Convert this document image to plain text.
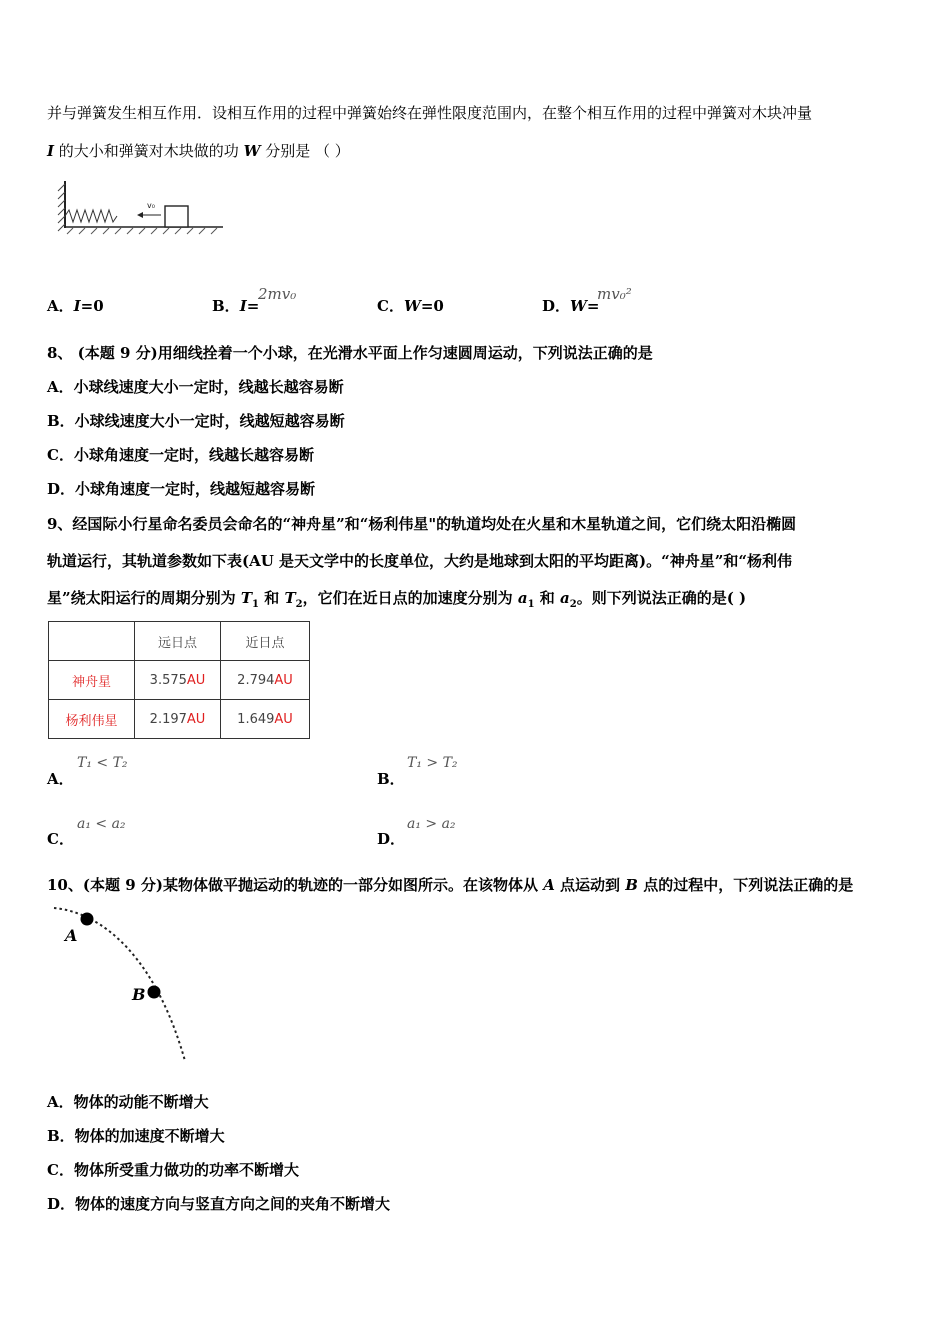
并与弹簧发生相互作用．设相互作用的过程中弹簧始终在弹性限度范围内，在整个相互作用的过程中弹簧对木块冲量
I 的大小和弹簧对木块做的功 W 分别是 （ ）
v₀
A．I=0	B．I=
2mv₀
C．W=0	D．W=
mv₀²
8、 (本题 9 分)用细线拴着一个小球，在光滑水平面上作匀速圆周运动，下列说法正确的是
A．小球线速度大小一定时，线越长越容易断
B．小球线速度大小一定时，线越短越容易断
C．小球角速度一定时，线越长越容易断
D．小球角速度一定时，线越短越容易断
9、经国际小行星命名委员会命名的“神舟星”和“杨利伟星"的轨道均处在火星和木星轨道之间，它们绕太阳沿椭圆
轨道运行，其轨道参数如下表(AU 是天文学中的长度单位，大约是地球到太阳的平均距离)。“神舟星”和“杨利伟
星”绕太阳运行的周期分别为 $T_1$ 和 $T_2$，它们在近日点的加速度分别为 $a_1$ 和 $a_2$。则下列说法正确的是( )
	远日点	近日点
神舟星	3.575AU	2.794AU
杨利伟星	2.197AU	1.649AU
A．
T₁ < T₂
B．
T₁ > T₂
C．
a₁ < a₂
D．
a₁ > a₂
10、(本题 9 分)某物体做平抛运动的轨迹的一部分如图所示。在该物体从 A 点运动到 B 点的过程中，下列说法正确的是
A
B
A．物体的动能不断增大
B．物体的加速度不断增大
C．物体所受重力做功的功率不断增大
D．物体的速度方向与竖直方向之间的夹角不断增大
